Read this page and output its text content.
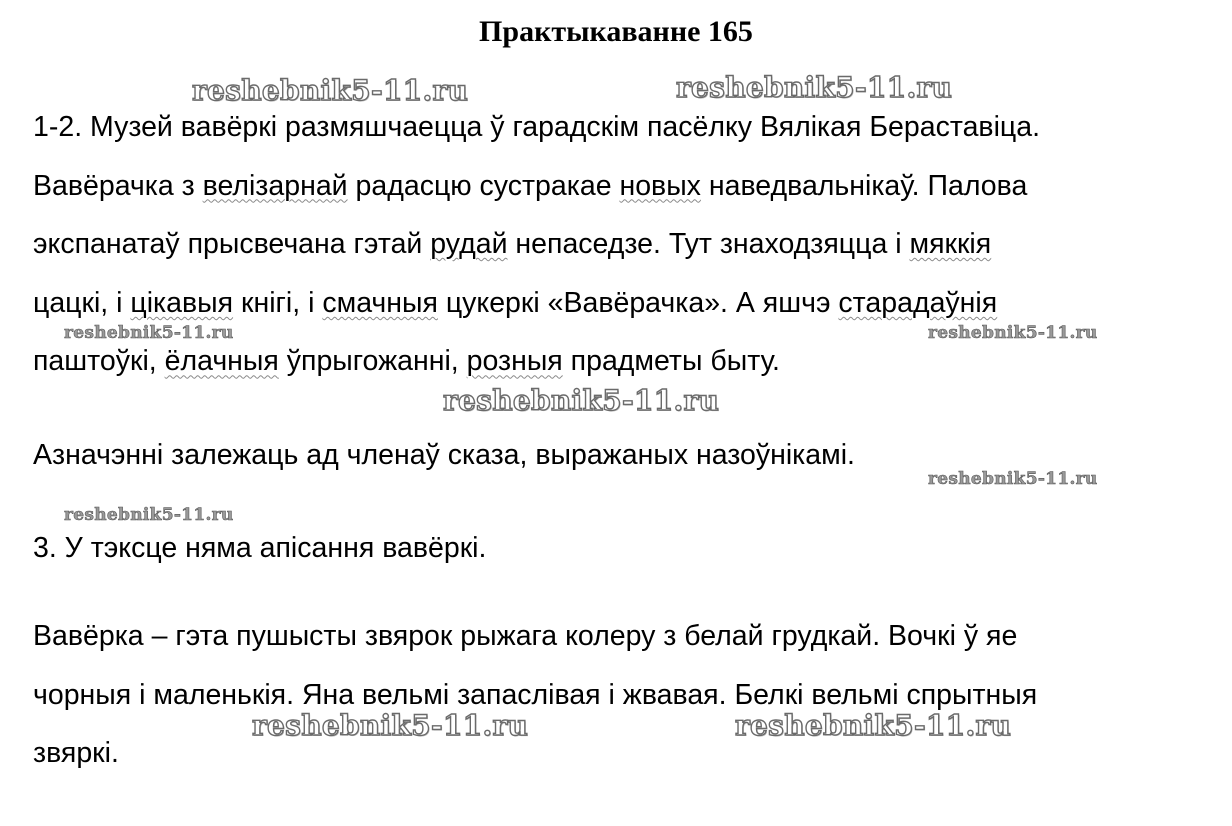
Практыкаванне 165
1-2. Музей вавёркі размяшчаецца ў гарадскім пасёлку Вялікая Бераставіца.
Вавёрачка з велізарнай радасцю сустракае новых наведвальнікаў. Палова
экспанатаў прысвечана гэтай рудай непаседзе. Тут знаходзяцца і мяккія
цацкі, і цікавыя кнігі, і смачныя цукеркі «Вавёрачка». А яшчэ старадаўнія
паштоўкі, ёлачныя ўпрыгожанні, розныя прадметы быту.
Азначэнні залежаць ад членаў сказа, выражаных назоўнікамі.
3. У тэксце няма апісання вавёркі.
Вавёрка – гэта пушысты звярок рыжага колеру з белай грудкай. Вочкі ў яе
чорныя і маленькія. Яна вельмі запаслівая і жвавая. Белкі вельмі спрытныя
звяркі.
reshebnik5-11.ru	reshebnik5-11.ru
reshebnik5-11.ru	reshebnik5-11.ru
reshebnik5-11.ru
reshebnik5-11.ru
reshebnik5-11.ru
reshebnik5-11.ru	reshebnik5-11.ru
